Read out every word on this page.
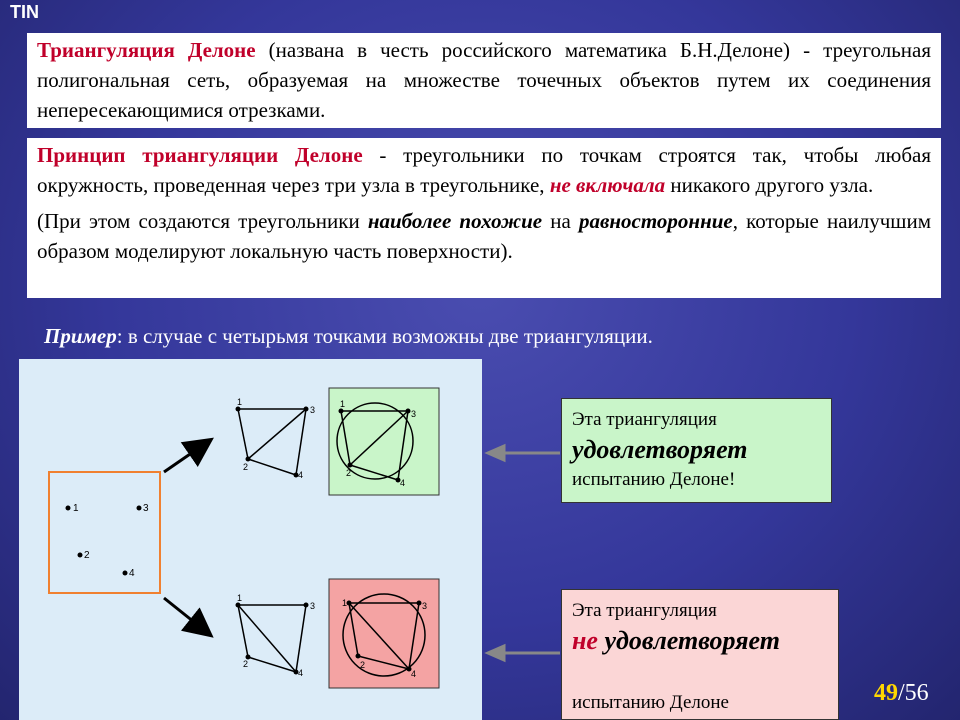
TIN

Триангуляция Делоне (названа в честь российского математика Б.Н.Делоне) - треугольная полигональная сеть, образуемая на множестве точечных объектов путем их соединения непересекающимися отрезками.

Принцип триангуляции Делоне - треугольники по точкам строятся так, чтобы любая окружность, проведенная через три узла в треугольнике, не включала никакого другого узла.

(При этом создаются треугольники наиболее похожие на равносторонние, которые наилучшим образом моделируют локальную часть поверхности).

Пример: в случае с четырьмя точками возможны две триангуляции.
1	3
2
4
1
3
2
4
1
3
2
4
1
3
2
4
1	3
2
4
Эта триангуляция
удовлетворяет
испытанию Делоне!
Эта триангуляция
не удовлетворяет
испытанию Делоне	49/56
